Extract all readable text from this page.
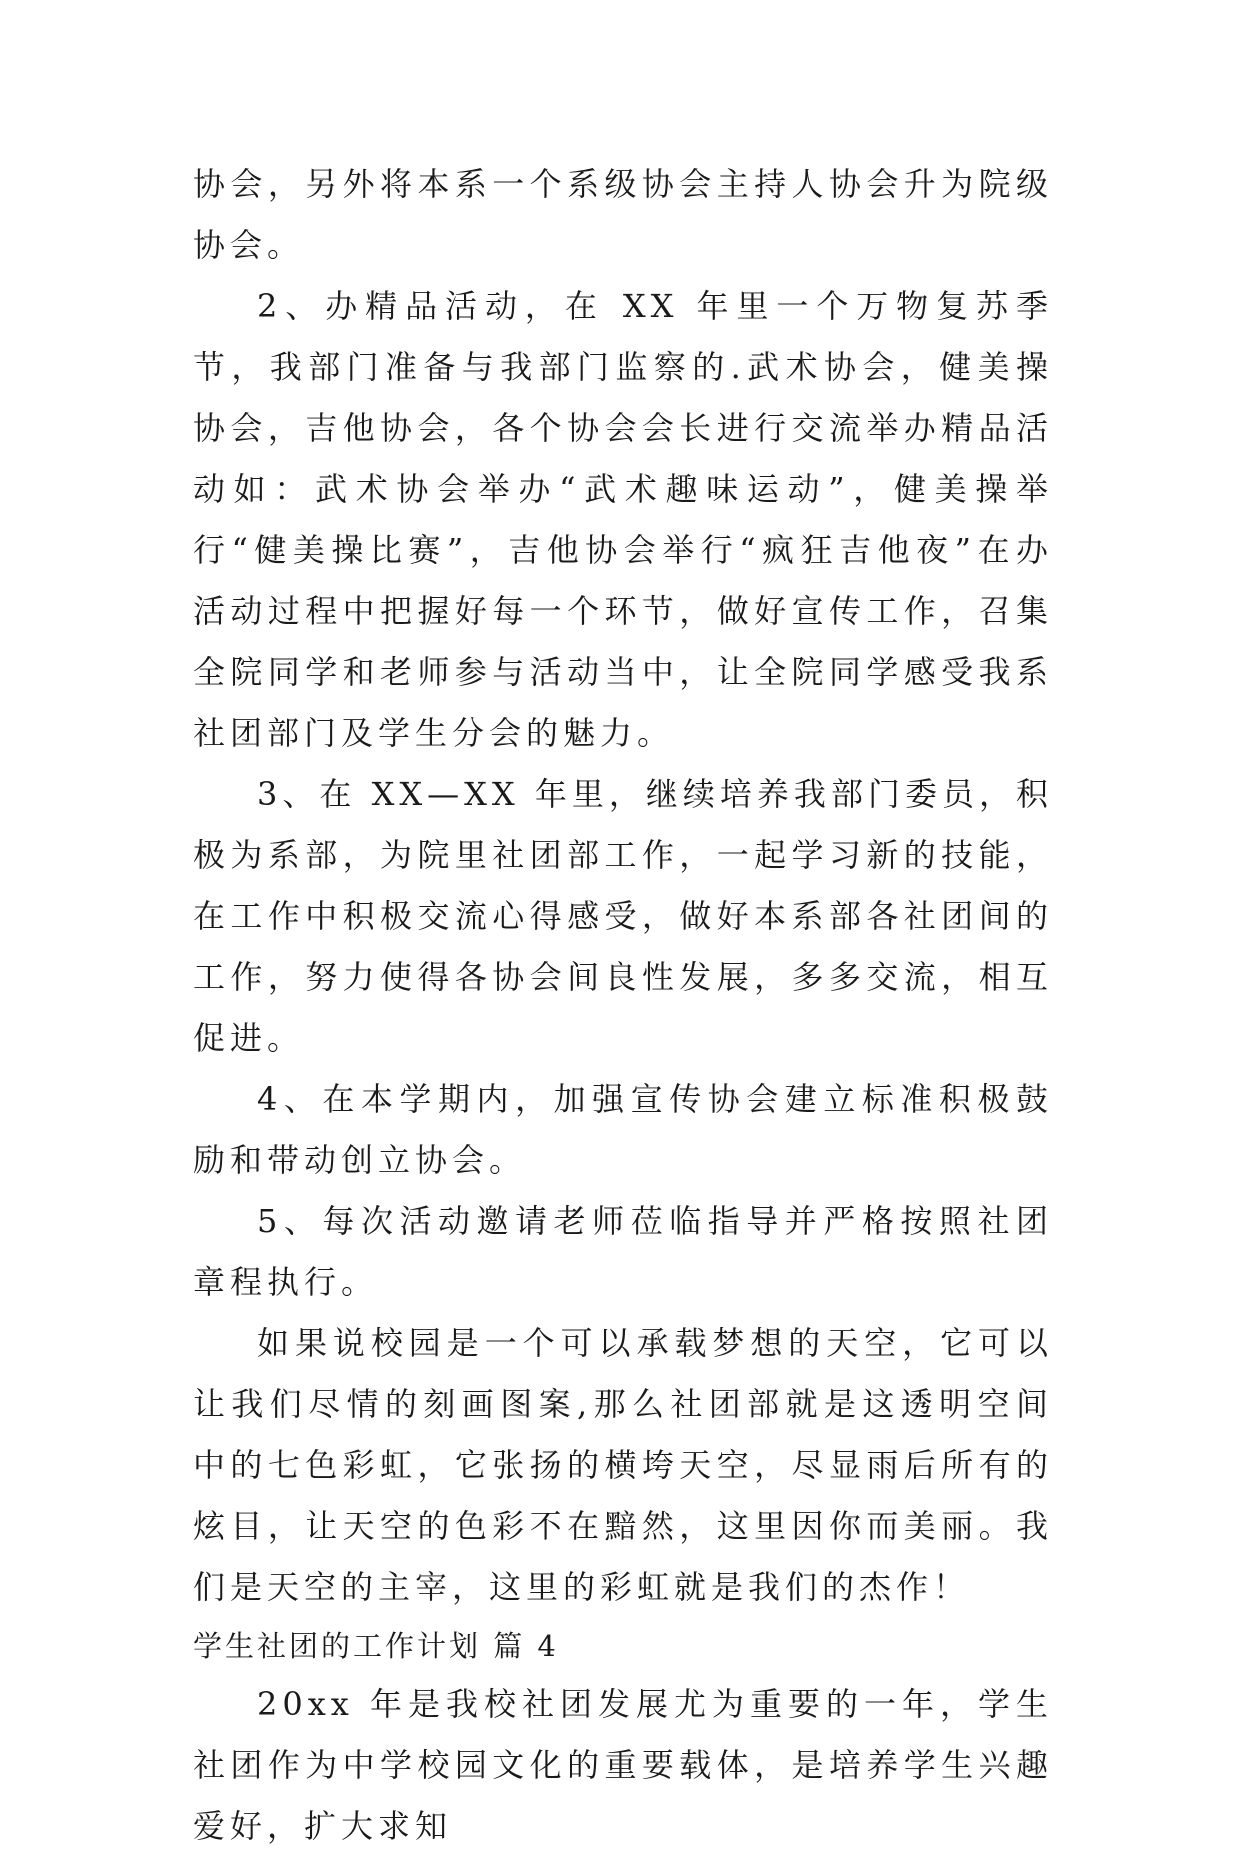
协会，另外将本系一个系级协会主持人协会升为院级协会。

2、办精品活动，在 XX 年里一个万物复苏季节，我部门准备与我部门监察的.武术协会，健美操协会，吉他协会，各个协会会长进行交流举办精品活动如：武术协会举办“武术趣味运动”，健美操举行“健美操比赛”，吉他协会举行“疯狂吉他夜”在办活动过程中把握好每一个环节，做好宣传工作，召集全院同学和老师参与活动当中，让全院同学感受我系社团部门及学生分会的魅力。

3、在 XX—XX 年里，继续培养我部门委员，积极为系部，为院里社团部工作，一起学习新的技能，在工作中积极交流心得感受，做好本系部各社团间的工作，努力使得各协会间良性发展，多多交流，相互促进。

4、在本学期内，加强宣传协会建立标准积极鼓励和带动创立协会。

5、每次活动邀请老师莅临指导并严格按照社团章程执行。

如果说校园是一个可以承载梦想的天空，它可以让我们尽情的刻画图案,那么社团部就是这透明空间中的七色彩虹，它张扬的横垮天空，尽显雨后所有的炫目，让天空的色彩不在黯然，这里因你而美丽。我们是天空的主宰，这里的彩虹就是我们的杰作！

学生社团的工作计划 篇 4

20xx 年是我校社团发展尤为重要的一年，学生社团作为中学校园文化的重要载体，是培养学生兴趣爱好，扩大求知
